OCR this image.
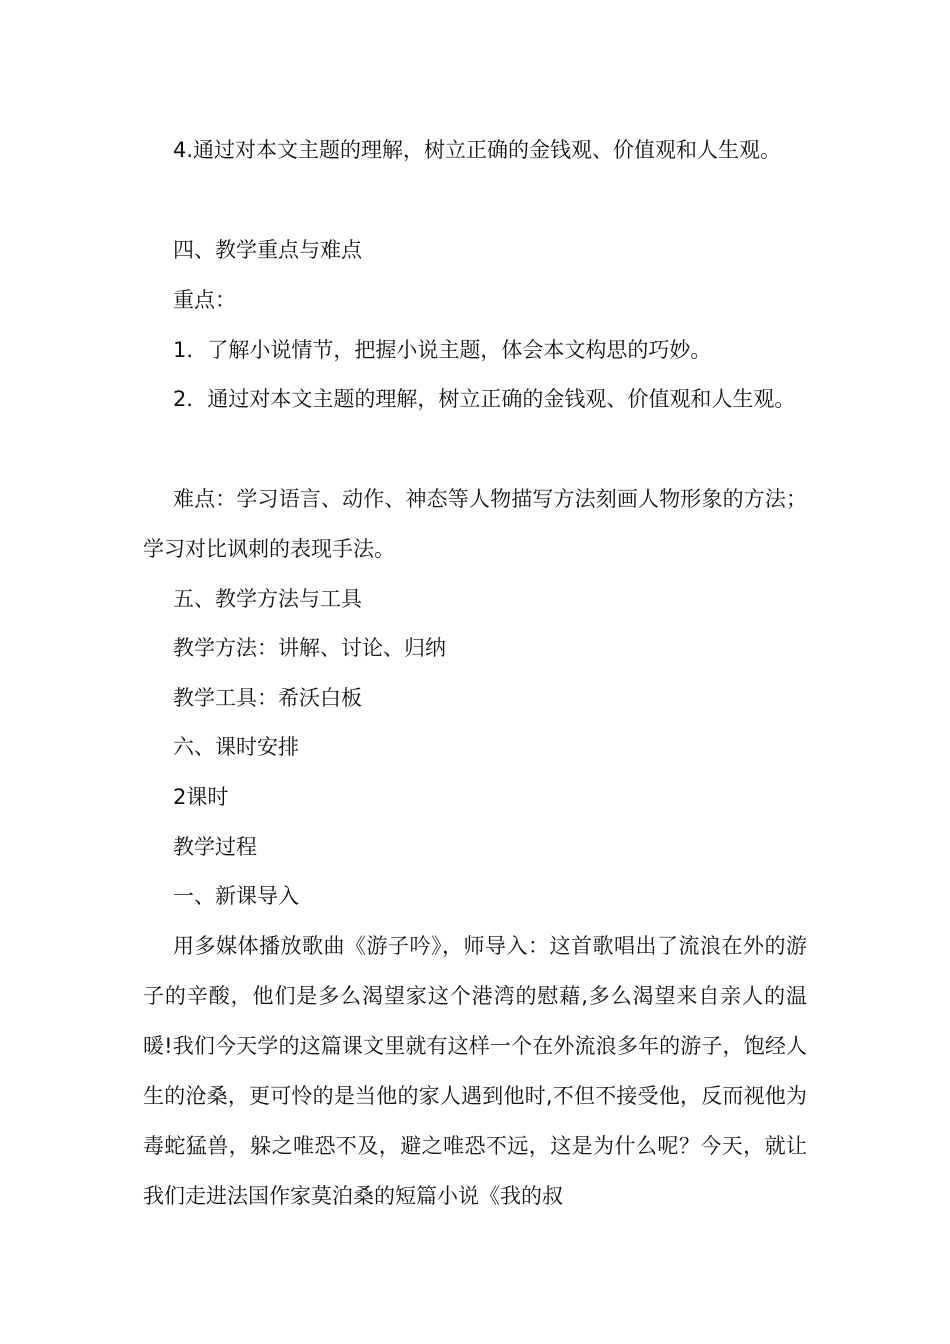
4.通过对本文主题的理解，树立正确的金钱观、价值观和人生观。

四、教学重点与难点

重点：

1．了解小说情节，把握小说主题，体会本文构思的巧妙。

2．通过对本文主题的理解，树立正确的金钱观、价值观和人生观。

难点：学习语言、动作、神态等人物描写方法刻画人物形象的方法；学习对比讽刺的表现手法。

五、教学方法与工具

教学方法：讲解、讨论、归纳

教学工具：希沃白板

六、课时安排

2课时

教学过程

一、新课导入

用多媒体播放歌曲《游子吟》，师导入：这首歌唱出了流浪在外的游子的辛酸，他们是多么渴望家这个港湾的慰藉,多么渴望来自亲人的温暖!我们今天学的这篇课文里就有这样一个在外流浪多年的游子，饱经人生的沧桑，更可怜的是当他的家人遇到他时,不但不接受他，反而视他为毒蛇猛兽，躲之唯恐不及，避之唯恐不远，这是为什么呢？今天，就让我们走进法国作家莫泊桑的短篇小说《我的叔
